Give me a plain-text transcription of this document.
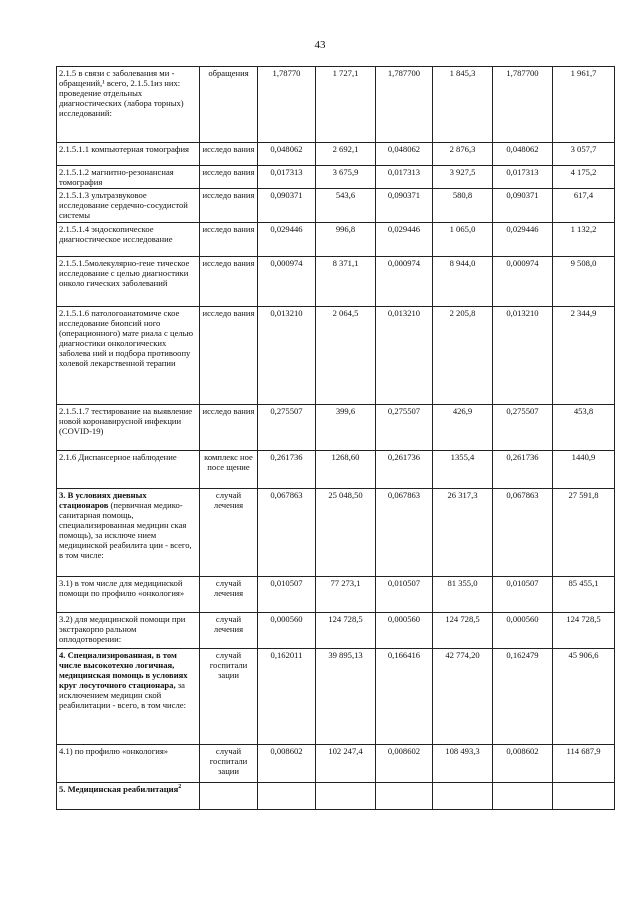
43
2.1.5 в связи с заболевания ми - обращений,¹ всего, 2.1.5.1из них: проведение отдельных диагностических (лабора торных) исследований:	обращения	1,78770	1 727,1	1,787700	1 845,3	1,787700	1 961,7
2.1.5.1.1 компьютерная томография	исследо вания	0,048062	2 692,1	0,048062	2 876,3	0,048062	3 057,7
2.1.5.1.2 магнитно-резонансная томография	исследо вания	0,017313	3 675,9	0,017313	3 927,5	0,017313	4 175,2
2.1.5.1.3 ультразвуковое исследование сердечно-сосудистой системы	исследо вания	0,090371	543,6	0,090371	580,8	0,090371	617,4
2.1.5.1.4 эндоскопическое диагностическое исследование	исследо вания	0,029446	996,8	0,029446	1 065,0	0,029446	1 132,2
2.1.5.1.5молекулярно-гене тическое исследование с целью диагностики онколо гических заболеваний	исследо вания	0,000974	8 371,1	0,000974	8 944,0	0,000974	9 508,0
2.1.5.1.6 патологоанатомиче ское исследование биопсий ного (операционного) мате риала с целью диагностики онкологических заболева ний и подбора противоопу холевой лекарственной терапии	исследо вания	0,013210	2 064,5	0,013210	2 205,8	0,013210	2 344,9
2.1.5.1.7 тестирование на выявление новой коронавирусной инфекции (COVID-19)	исследо вания	0,275507	399,6	0,275507	426,9	0,275507	453,8
2.1.6 Диспансерное наблюдение	комплекс ное посе щение	0,261736	1268,60	0,261736	1355,4	0,261736	1440,9
3. В условиях дневных стационаров (первичная медико-санитарная помощь, специализированная медицин ская помощь), за исключе нием медицинской реабилита ции - всего, в том числе:	случай лечения	0,067863	25 048,50	0,067863	26 317,3	0,067863	27 591,8
3.1) в том числе для медицинской помощи по профилю «онкология»	случай лечения	0,010507	77 273,1	0,010507	81 355,0	0,010507	85 455,1
3.2) для медицинской помощи при экстракорпо ральном оплодотворении:	случай лечения	0,000560	124 728,5	0,000560	124 728,5	0,000560	124 728,5
4. Специализированная, в том числе высокотехно логичная, медицинская помощь в условиях круг лосуточного стационара, за исключением медицин ской реабилитации - всего, в том числе:	случай госпитали зации	0,162011	39 895,13	0,166416	42 774,20	0,162479	45 906,6
4.1) по профилю «онкология»	случай госпитали зации	0,008602	102 247,4	0,008602	108 493,3	0,008602	114 687,9
5. Медицинская реабилитация$^2$							
